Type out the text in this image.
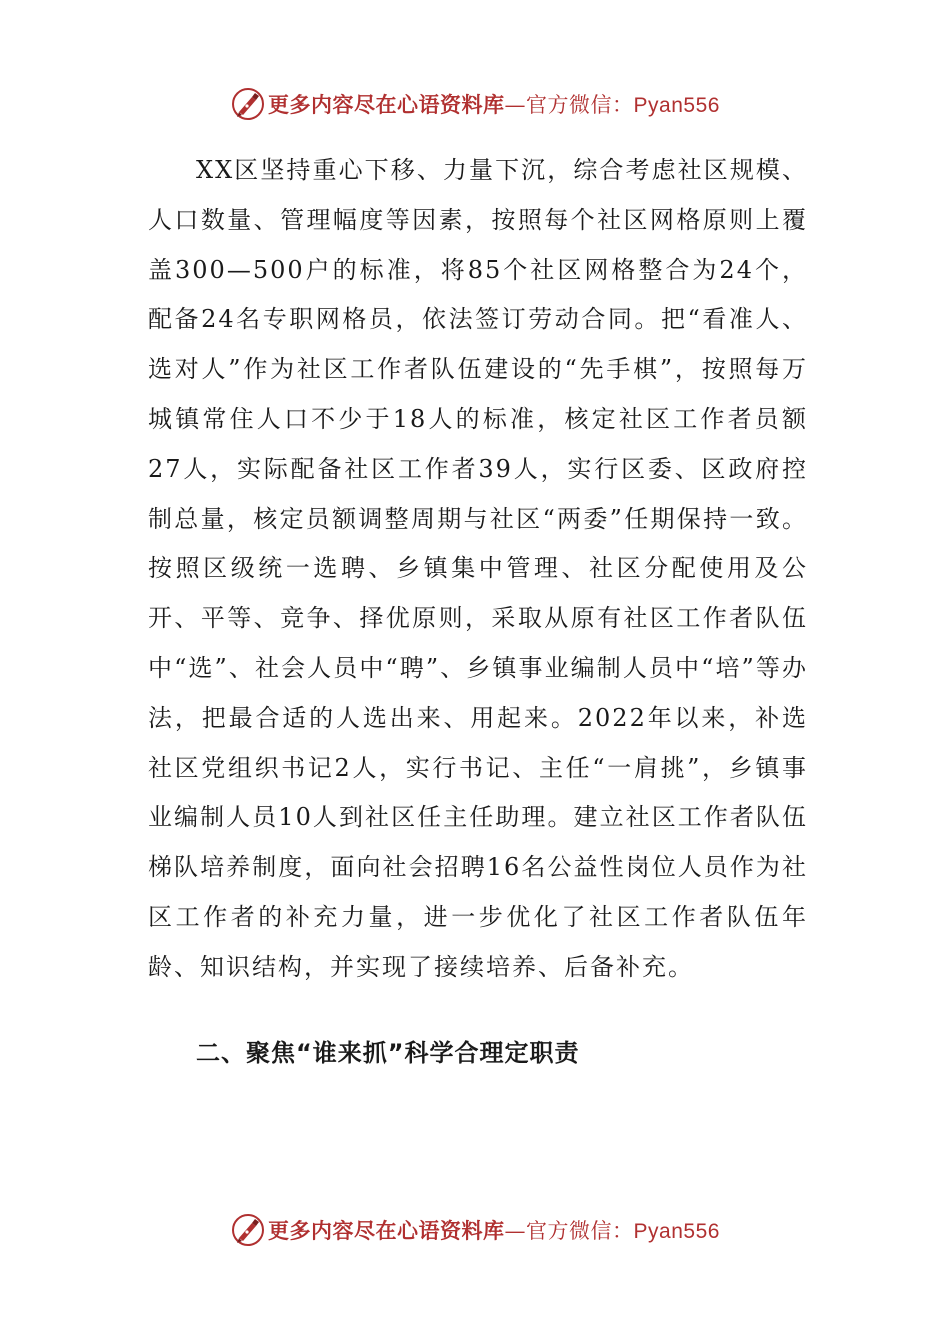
更多内容尽在心语资料库—官方微信：Pyan556

XX区坚持重心下移、力量下沉，综合考虑社区规模、人口数量、管理幅度等因素，按照每个社区网格原则上覆盖300—500户的标准，将85个社区网格整合为24个，配备24名专职网格员，依法签订劳动合同。把“看准人、选对人”作为社区工作者队伍建设的“先手棋”，按照每万城镇常住人口不少于18人的标准，核定社区工作者员额27人，实际配备社区工作者39人，实行区委、区政府控制总量，核定员额调整周期与社区“两委”任期保持一致。按照区级统一选聘、乡镇集中管理、社区分配使用及公开、平等、竞争、择优原则，采取从原有社区工作者队伍中“选”、社会人员中“聘”、乡镇事业编制人员中“培”等办法，把最合适的人选出来、用起来。2022年以来，补选社区党组织书记2人，实行书记、主任“一肩挑”，乡镇事业编制人员10人到社区任主任助理。建立社区工作者队伍梯队培养制度，面向社会招聘16名公益性岗位人员作为社区工作者的补充力量，进一步优化了社区工作者队伍年龄、知识结构，并实现了接续培养、后备补充。

二、聚焦“谁来抓”科学合理定职责

更多内容尽在心语资料库—官方微信：Pyan556
